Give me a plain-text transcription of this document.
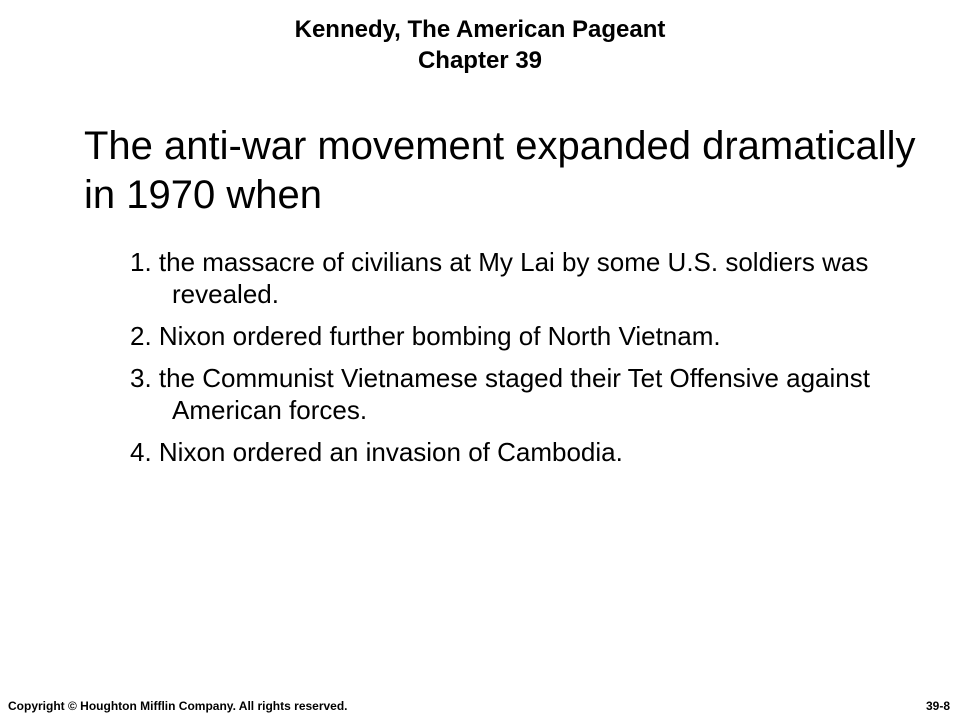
Kennedy, The American Pageant
Chapter 39
The anti-war movement expanded dramatically in 1970 when
1. the massacre of civilians at My Lai by some U.S. soldiers was revealed.
2. Nixon ordered further bombing of North Vietnam.
3. the Communist Vietnamese staged their Tet Offensive against American forces.
4. Nixon ordered an invasion of Cambodia.
Copyright © Houghton Mifflin Company. All rights reserved.	39-8
